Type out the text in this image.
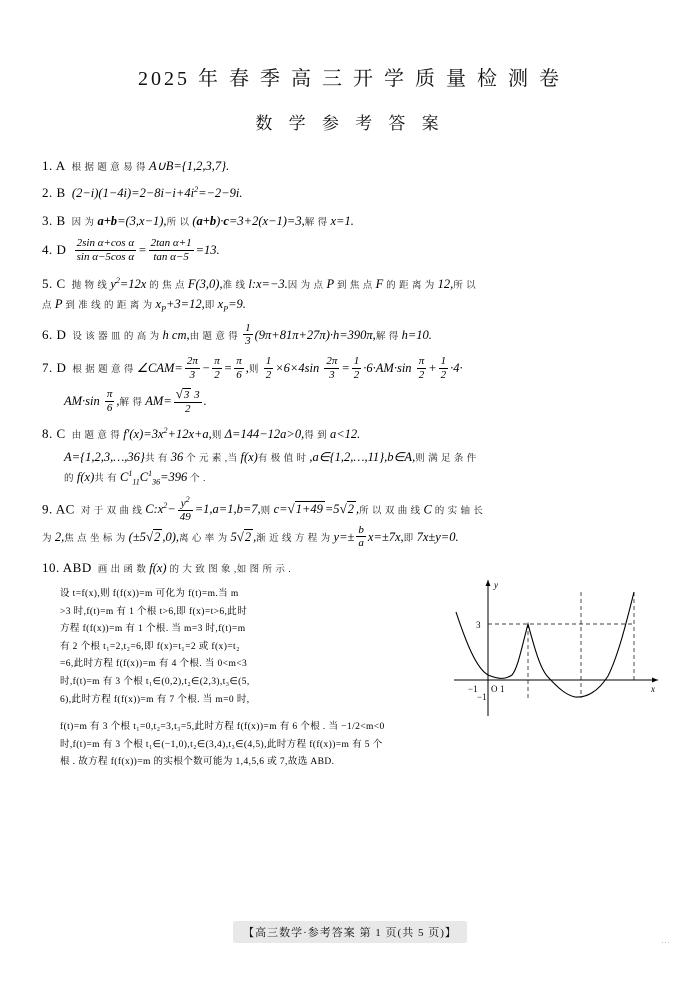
2025 年 春 季 高 三 开 学 质 量 检 测 卷
数 学 参 考 答 案
1. A  根 据 题 意 易 得 A∪B={1,2,3,7}.
2. B  $(2-i)(1-4i)=2-8i-i+4i^2=-2-9i$.
3. B  因 为 a+b=(3,x−1),所 以 (a+b)·c=3+2(x−1)=3,解 得 x=1.
4. D $\frac{\text{2sin α+cos α}}{\text{sin α−5cos α}} = \frac{\text{2tan α+1}}{\text{tan α−5}} =13$.
5. C  抛 物 线 $y^2=12x$ 的 焦 点 F(3,0),准 线 l:x=−3.因 为 点 P 到 焦 点 F 的 距 离 为 12,所 以
点 P 到 准 线 的 距 离 为 $x_P+3=12$,即 $x_P=9$.
6. D  设 该 器 皿 的 高 为 h cm,由 题 意 得 $\frac{1}{3} (9\pi+81\pi+27\pi)\cdot h=390\pi$,解 得 h=10.
7. D  根 据 题 意 得 ∠CAM= $\frac{2\pi}{3} - \frac{\pi}{2} = \frac{\pi}{6}$ ,则 $\frac{1}{2} \times 6\times 4\sin \frac{2\pi}{3} = \frac{1}{2} \cdot 6\cdot AM\cdot\sin \frac{\pi}{2} + \frac{1}{2} \cdot 4\cdot$
$AM\cdot\sin \frac{\pi}{6}$ ,解 得 $AM= \frac{√3 3}{2}$ .
8. C  由 题 意 得 $f'(x)=3x^2+12x+a$,则 Δ=144−12a>0,得 到 a<12.
A={1,2,3,…,36}共 有 36 个 元 素 ,当 f(x)有 极 值 时 ,a∈{1,2,…,11},b∈A,则 满 足 条 件
的 f(x)共 有 $C^1_{11}C^1_{36}=396$ 个 .
9. AC  对 于 双 曲 线 $C:x^2- \frac{y^2}{49} =1,a=1,b=7$,则 c=√1+49 =5√2 ,所 以 双 曲 线 C 的 实 轴 长
为 2,焦 点 坐 标 为 (±5√2 ,0),离 心 率 为 5√2 ,渐 近 线 方 程 为 $y=\pm \frac{b}{a} x=\pm 7x$,即 7x±y=0.
10. ABD  画 出 函 数 f(x) 的 大 致 图 象 ,如 图 所 示 .
y
x
3
−1 O 1
−1
设 t=f(x),则 f(f(x))=m 可化为 f(t)=m.当 m
>3 时,f(t)=m 有 1 个根 t>6,即 f(x)=t>6,此时
方程 f(f(x))=m 有 1 个根. 当 m=3 时,f(t)=m
有 2 个根 t₁=2,t₂=6,即 f(x)=t₁=2 或 f(x)=t₂
=6,此时方程 f(f(x))=m 有 4 个根. 当 0<m<3
时,f(t)=m 有 3 个根 t₁∈(0,2),t₂∈(2,3),t₃∈(5,
6),此时方程 f(f(x))=m 有 7 个根. 当 m=0 时,
f(t)=m 有 3 个根 t₁=0,t₂=3,t₃=5,此时方程 f(f(x))=m 有 6 个根 . 当 −1/2<m<0
时,f(t)=m 有 3 个根 t₁∈(−1,0),t₂∈(3,4),t₃∈(4,5),此时方程 f(f(x))=m 有 5 个
根 . 故方程 f(f(x))=m 的实根个数可能为 1,4,5,6 或 7,故选 ABD.
【高三数学·参考答案 第 1 页(共 5 页)】
…
